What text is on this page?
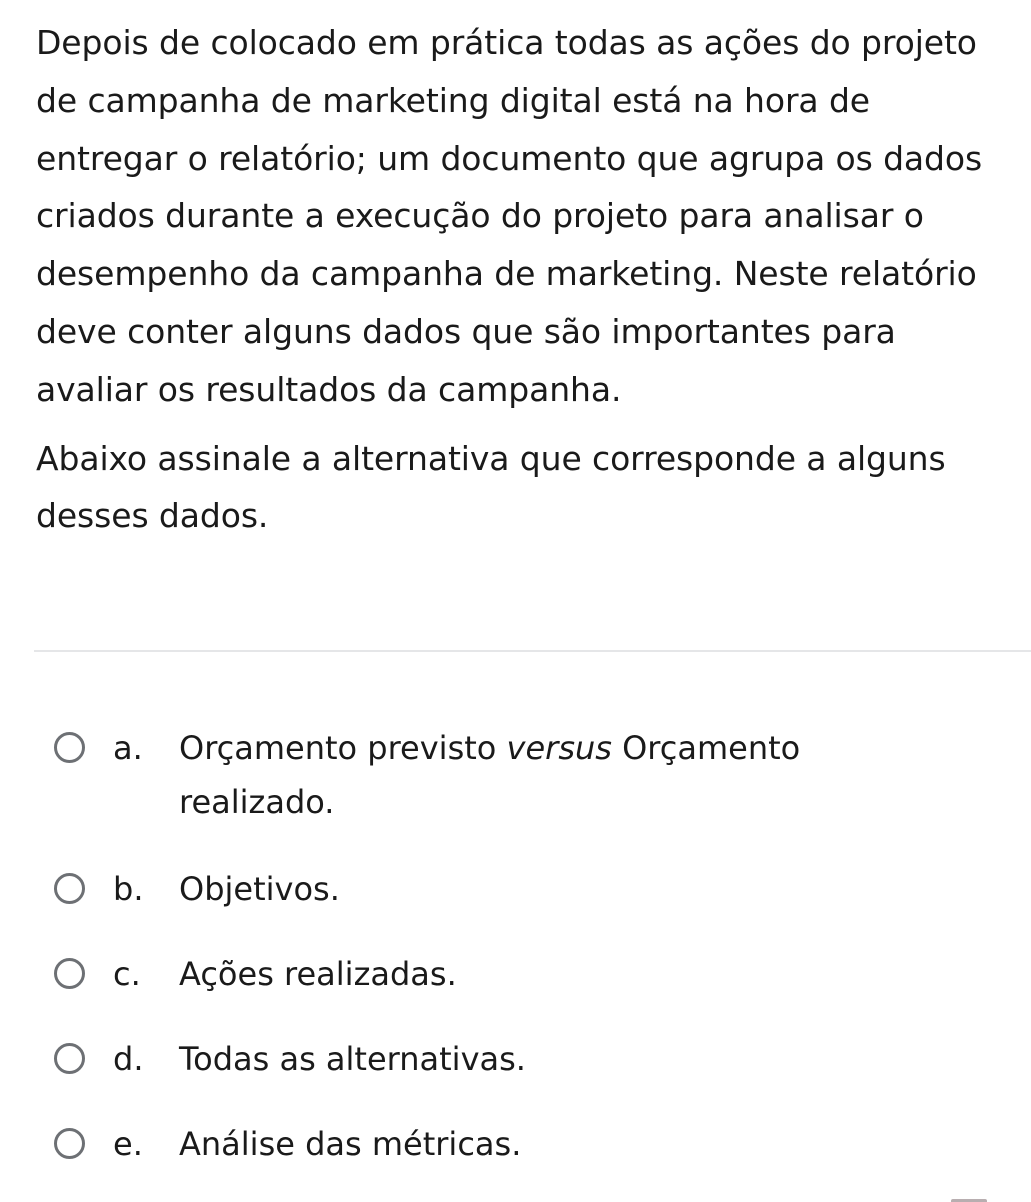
Depois de colocado em prática todas as ações do projeto de campanha de marketing digital está na hora de entregar o relatório; um documento que agrupa os dados criados durante a execução do projeto para analisar o desempenho da campanha de marketing. Neste relatório deve conter alguns dados que são importantes para avaliar os resultados da campanha.

Abaixo assinale a alternativa que corresponde a alguns desses dados.

a.	Orçamento previsto versus Orçamento realizado.
b.	Objetivos.
c.	Ações realizadas.
d.	Todas as alternativas.
e.	Análise das métricas.
